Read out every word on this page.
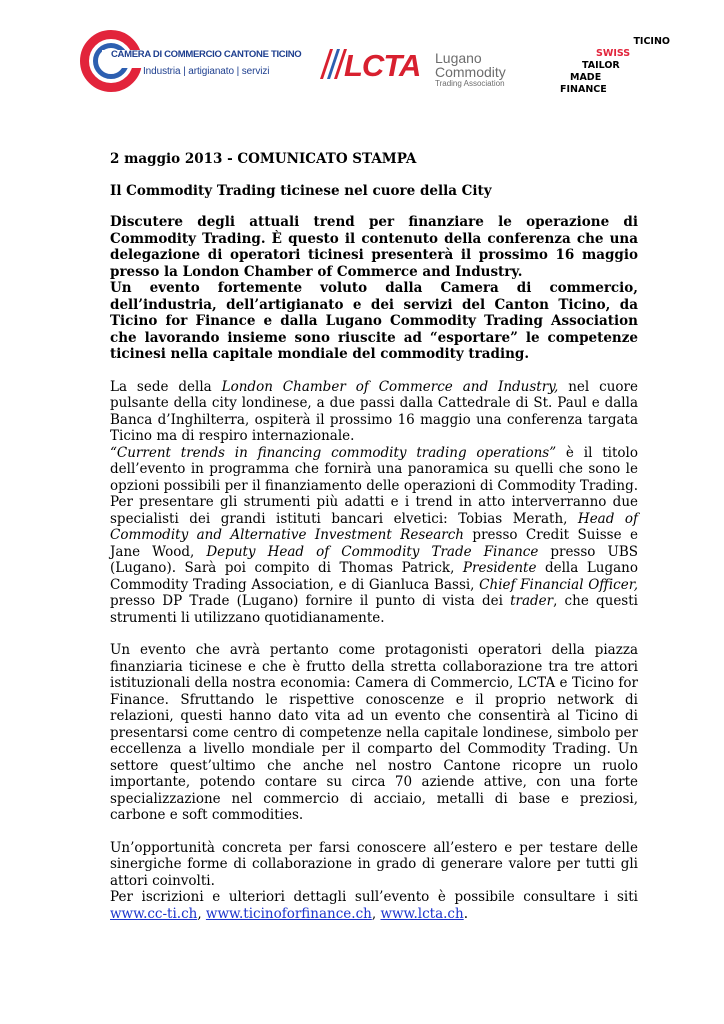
CAMERA DI COMMERCIO CANTONE TICINO
Industria | artigianato | servizi LCTA Lugano
Commodity
Trading Association
TICINO
SWISS
TAILOR
MADE
FINANCE

2 maggio 2013 - COMUNICATO STAMPA

Il Commodity Trading ticinese nel cuore della City

Discutere degli attuali trend per finanziare le operazione di Commodity Trading. È questo il contenuto della conferenza che una delegazione di operatori ticinesi presenterà il prossimo 16 maggio presso la London Chamber of Commerce and Industry.

Un evento fortemente voluto dalla Camera di commercio, dell’industria, dell’artigianato e dei servizi del Canton Ticino, da Ticino for Finance e dalla Lugano Commodity Trading Association che lavorando insieme sono riuscite ad “esportare” le competenze ticinesi nella capitale mondiale del commodity trading.

La sede della London Chamber of Commerce and Industry, nel cuore pulsante della city londinese, a due passi dalla Cattedrale di St. Paul e dalla Banca d’Inghilterra, ospiterà il prossimo 16 maggio una conferenza targata Ticino ma di respiro internazionale.

“Current trends in financing commodity trading operations” è il titolo dell’evento in programma che fornirà una panoramica su quelli che sono le opzioni possibili per il finanziamento delle operazioni di Commodity Trading. Per presentare gli strumenti più adatti e i trend in atto interverranno due specialisti dei grandi istituti bancari elvetici: Tobias Merath, Head of Commodity and Alternative Investment Research presso Credit Suisse e Jane Wood, Deputy Head of Commodity Trade Finance presso UBS (Lugano). Sarà poi compito di Thomas Patrick, Presidente della Lugano Commodity Trading Association, e di Gianluca Bassi, Chief Financial Officer, presso DP Trade (Lugano) fornire il punto di vista dei trader, che questi strumenti li utilizzano quotidianamente.

Un evento che avrà pertanto come protagonisti operatori della piazza finanziaria ticinese e che è frutto della stretta collaborazione tra tre attori istituzionali della nostra economia: Camera di Commercio, LCTA e Ticino for Finance. Sfruttando le rispettive conoscenze e il proprio network di relazioni, questi hanno dato vita ad un evento che consentirà al Ticino di presentarsi come centro di competenze nella capitale londinese, simbolo per eccellenza a livello mondiale per il comparto del Commodity Trading. Un settore quest’ultimo che anche nel nostro Cantone ricopre un ruolo importante, potendo contare su circa 70 aziende attive, con una forte specializzazione nel commercio di acciaio, metalli di base e preziosi, carbone e soft commodities.

Un’opportunità concreta per farsi conoscere all’estero e per testare delle sinergiche forme di collaborazione in grado di generare valore per tutti gli attori coinvolti.

Per iscrizioni e ulteriori dettagli sull’evento è possibile consultare i siti www.cc-ti.ch, www.ticinoforfinance.ch, www.lcta.ch.
